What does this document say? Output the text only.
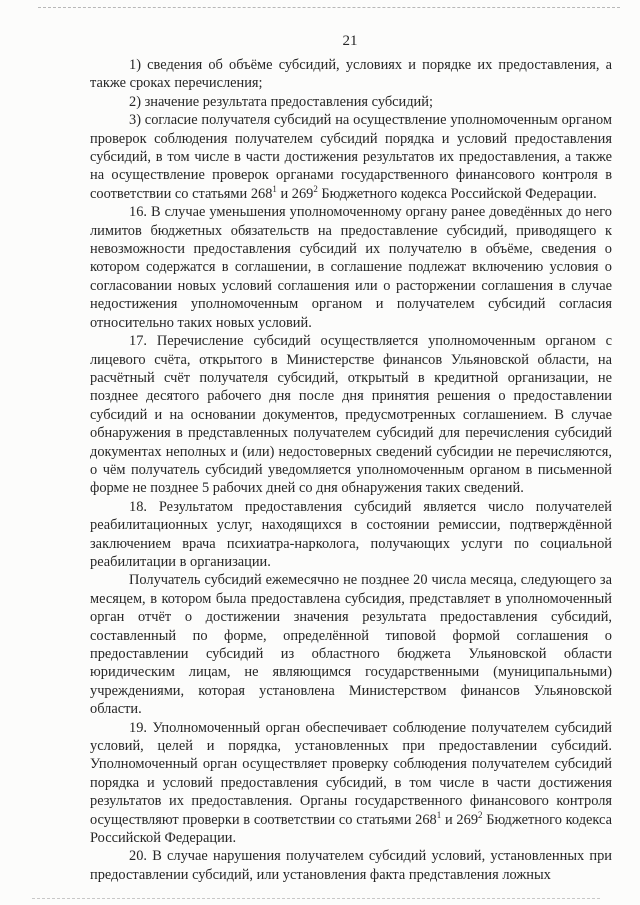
21

1) сведения об объёме субсидий, условиях и порядке их предоставления, а также сроках перечисления;

2) значение результата предоставления субсидий;

3) согласие получателя субсидий на осуществление уполномоченным органом проверок соблюдения получателем субсидий порядка и условий предоставления субсидий, в том числе в части достижения результатов их предоставления, а также на осуществление проверок органами государственного финансового контроля в соответствии со статьями $268^1$ и $269^2$ Бюджетного кодекса Российской Федерации.

16. В случае уменьшения уполномоченному органу ранее доведённых до него лимитов бюджетных обязательств на предоставление субсидий, приводящего к невозможности предоставления субсидий их получателю в объёме, сведения о котором содержатся в соглашении, в соглашение подлежат включению условия о согласовании новых условий соглашения или о расторжении соглашения в случае недостижения уполномоченным органом и получателем субсидий согласия относительно таких новых условий.

17. Перечисление субсидий осуществляется уполномоченным органом с лицевого счёта, открытого в Министерстве финансов Ульяновской области, на расчётный счёт получателя субсидий, открытый в кредитной организации, не позднее десятого рабочего дня после дня принятия решения о предоставлении субсидий и на основании документов, предусмотренных соглашением. В случае обнаружения в представленных получателем субсидий для перечисления субсидий документах неполных и (или) недостоверных сведений субсидии не перечисляются, о чём получатель субсидий уведомляется уполномоченным органом в письменной форме не позднее 5 рабочих дней со дня обнаружения таких сведений.

18. Результатом предоставления субсидий является число получателей реабилитационных услуг, находящихся в состоянии ремиссии, подтверждённой заключением врача психиатра-нарколога, получающих услуги по социальной реабилитации в организации.

Получатель субсидий ежемесячно не позднее 20 числа месяца, следующего за месяцем, в котором была предоставлена субсидия, представляет в уполномоченный орган отчёт о достижении значения результата предоставления субсидий, составленный по форме, определённой типовой формой соглашения о предоставлении субсидий из областного бюджета Ульяновской области юридическим лицам, не являющимся государственными (муниципальными) учреждениями, которая установлена Министерством финансов Ульяновской области.

19. Уполномоченный орган обеспечивает соблюдение получателем субсидий условий, целей и порядка, установленных при предоставлении субсидий. Уполномоченный орган осуществляет проверку соблюдения получателем субсидий порядка и условий предоставления субсидий, в том числе в части достижения результатов их предоставления. Органы государственного финансового контроля осуществляют проверки в соответствии со статьями $268^1$ и $269^2$ Бюджетного кодекса Российской Федерации.

20. В случае нарушения получателем субсидий условий, установленных при предоставлении субсидий, или установления факта представления ложных
